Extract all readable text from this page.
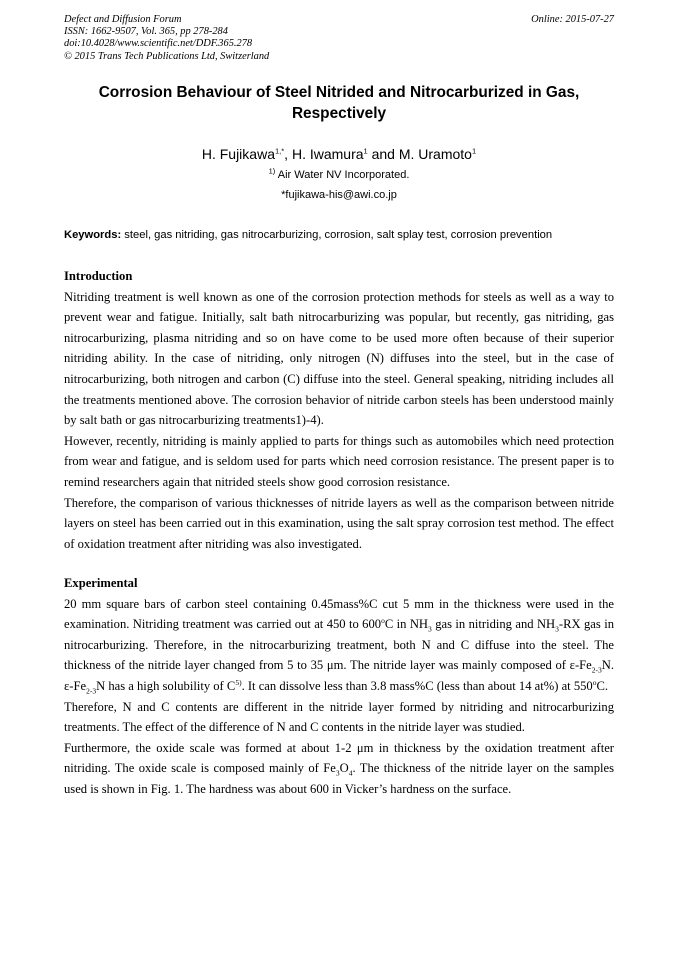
Defect and Diffusion Forum
ISSN: 1662-9507, Vol. 365, pp 278-284
doi:10.4028/www.scientific.net/DDF.365.278
© 2015 Trans Tech Publications Ltd, Switzerland
Online: 2015-07-27
Corrosion Behaviour of Steel Nitrided and Nitrocarburized in Gas, Respectively
H. Fujikawa$^{1,*}$, H. Iwamura$^1$ and M. Uramoto$^1$
$^{1)}$ Air Water NV Incorporated.
*fujikawa-his@awi.co.jp
Keywords: steel, gas nitriding, gas nitrocarburizing, corrosion, salt splay test, corrosion prevention
Introduction

Nitriding treatment is well known as one of the corrosion protection methods for steels as well as a way to prevent wear and fatigue. Initially, salt bath nitrocarburizing was popular, but recently, gas nitriding, gas nitrocarburizing, plasma nitriding and so on have come to be used more often because of their superior nitriding ability. In the case of nitriding, only nitrogen (N) diffuses into the steel, but in the case of nitrocarburizing, both nitrogen and carbon (C) diffuse into the steel. General speaking, nitriding includes all the treatments mentioned above. The corrosion behavior of nitride carbon steels has been understood mainly by salt bath or gas nitrocarburizing treatments1)-4).

However, recently, nitriding is mainly applied to parts for things such as automobiles which need protection from wear and fatigue, and is seldom used for parts which need corrosion resistance. The present paper is to remind researchers again that nitrided steels show good corrosion resistance.

Therefore, the comparison of various thicknesses of nitride layers as well as the comparison between nitride layers on steel has been carried out in this examination, using the salt spray corrosion test method. The effect of oxidation treatment after nitriding was also investigated.

Experimental

20 mm square bars of carbon steel containing 0.45mass%C cut 5 mm in the thickness were used in the examination. Nitriding treatment was carried out at 450 to 600$^o$C in $NH_3$ gas in nitriding and $NH_3-RX$ gas in nitrocarburizing. Therefore, in the nitrocarburizing treatment, both N and C diffuse into the steel. The thickness of the nitride layer changed from 5 to 35 μm. The nitride layer was mainly composed of $\varepsilon-Fe_{2-3}N$. $\varepsilon-Fe_{2-3}N$ has a high solubility of $C^{5)}$. It can dissolve less than 3.8 mass%C (less than about 14 at%) at 550$^o$C.

Therefore, N and C contents are different in the nitride layer formed by nitriding and nitrocarburizing treatments. The effect of the difference of N and C contents in the nitride layer was studied.

Furthermore, the oxide scale was formed at about 1-2 μm in thickness by the oxidation treatment after nitriding. The oxide scale is composed mainly of $Fe_3O_4$. The thickness of the nitride layer on the samples used is shown in Fig. 1. The hardness was about 600 in Vicker’s hardness on the surface.
